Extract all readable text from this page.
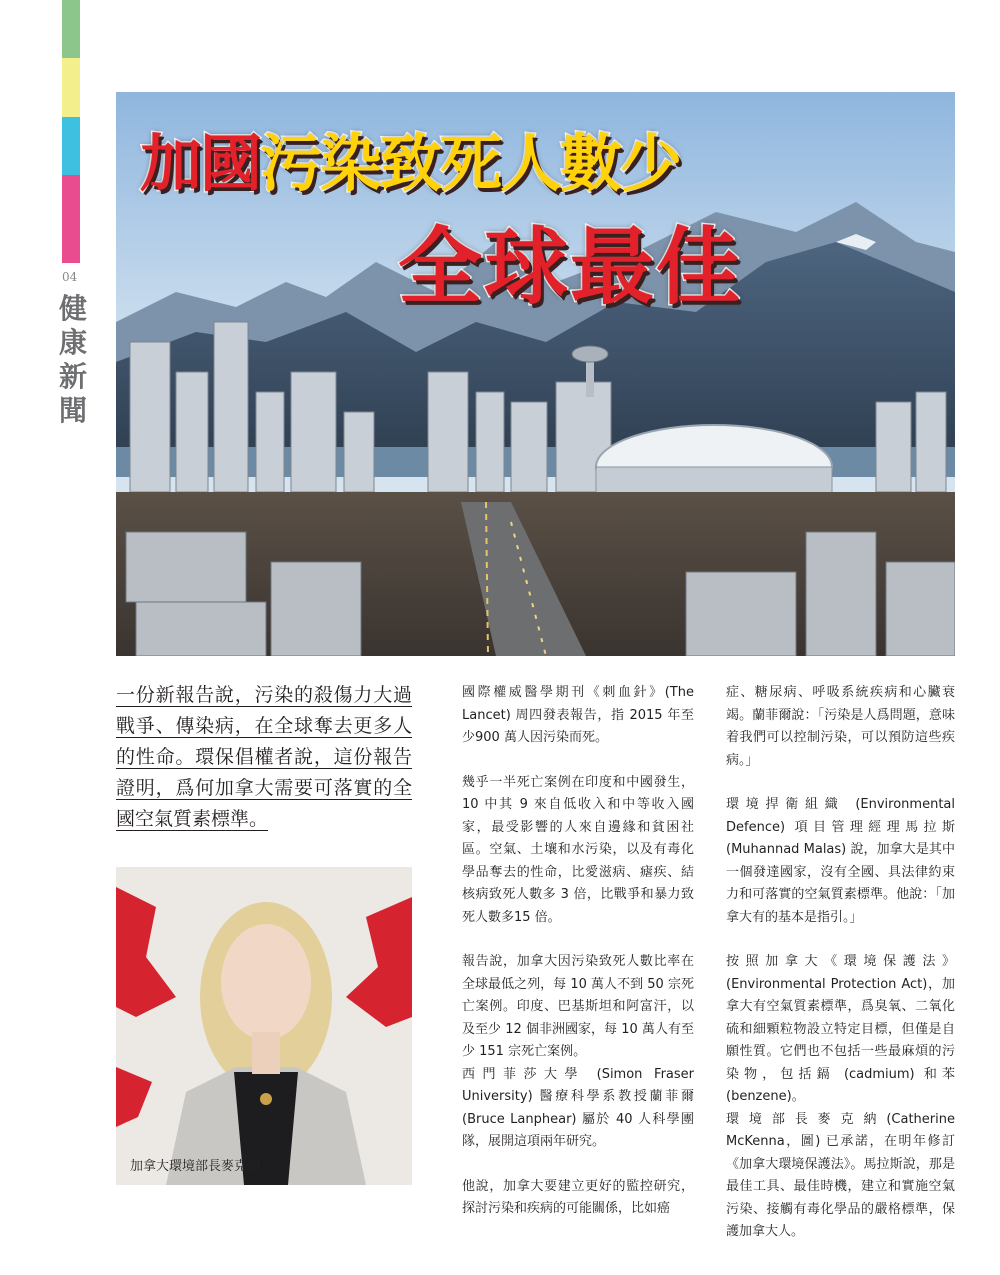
04
健康新聞
加國污染致死人數少
全球最佳
一份新報告說，污染的殺傷力大過戰爭、傳染病，在全球奪去更多人的性命。環保倡權者說，這份報告證明，爲何加拿大需要可落實的全國空氣質素標準。
加拿大環境部長麥克納

國際權威醫學期刊《刺血針》(The Lancet) 周四發表報告，指 2015 年至少900 萬人因污染而死。

幾乎一半死亡案例在印度和中國發生，10 中其 9 來自低收入和中等收入國家，最受影響的人來自邊緣和貧困社區。空氣、土壤和水污染，以及有毒化學品奪去的性命，比愛滋病、瘧疾、結核病致死人數多 3 倍，比戰爭和暴力致死人數多15 倍。

報告說，加拿大因污染致死人數比率在全球最低之列，每 10 萬人不到 50 宗死亡案例。印度、巴基斯坦和阿富汗，以及至少 12 個非洲國家，每 10 萬人有至少 151 宗死亡案例。

西門菲莎大學 (Simon Fraser University) 醫療科學系教授蘭菲爾 (Bruce Lanphear) 屬於 40 人科學團隊，展開這項兩年研究。

他說，加拿大要建立更好的監控研究，探討污染和疾病的可能關係，比如癌

症、糖尿病、呼吸系統疾病和心臟衰竭。蘭菲爾說：「污染是人爲問題，意味着我們可以控制污染，可以預防這些疾病。」

環境捍衛組織 (Environmental Defence) 項目管理經理馬拉斯 (Muhannad Malas) 說，加拿大是其中一個發達國家，沒有全國、具法律約束力和可落實的空氣質素標準。他說：「加拿大有的基本是指引。」

按照加拿大《環境保護法》(Environmental Protection Act)，加拿大有空氣質素標準，爲臭氧、二氧化硫和細顆粒物設立特定目標，但僅是自願性質。它們也不包括一些最麻煩的污染物，包括鎘 (cadmium) 和苯 (benzene)。

環境部長麥克納(Catherine McKenna，圖) 已承諾，在明年修訂《加拿大環境保護法》。馬拉斯說，那是最佳工具、最佳時機，建立和實施空氣污染、接觸有毒化學品的嚴格標準，保護加拿大人。
